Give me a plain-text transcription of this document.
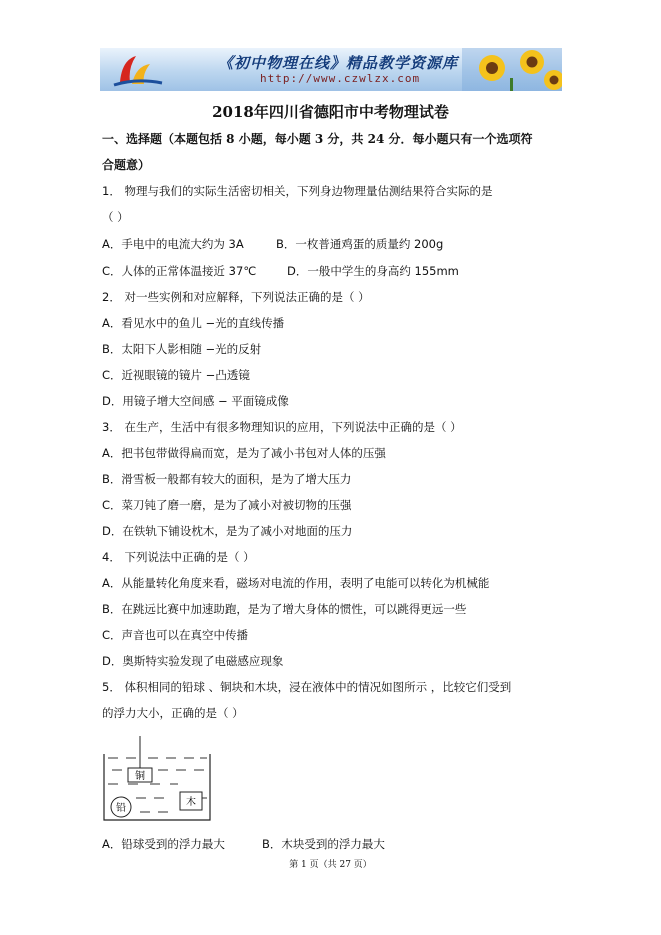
《初中物理在线》精品教学资源库
http://www.czwlzx.com
2018年四川省德阳市中考物理试卷
一、选择题（本题包括 8 小题，每小题 3 分，共 24 分．每小题只有一个选项符
合题意）
1． 物理与我们的实际生活密切相关，下列身边物理量估测结果符合实际的是
（ ）
A．手电中的电流大约为 3A	B．一枚普通鸡蛋的质量约 200g
C．人体的正常体温接近 37℃	D．一般中学生的身高约 155mm
2． 对一些实例和对应解释，下列说法正确的是（ ）
A．看见水中的鱼儿 −光的直线传播
B．太阳下人影相随 −光的反射
C．近视眼镜的镜片 −凸透镜
D．用镜子增大空间感 − 平面镜成像
3． 在生产，生活中有很多物理知识的应用，下列说法中正确的是（ ）
A．把书包带做得扁而宽，是为了减小书包对人体的压强
B．滑雪板一般都有较大的面积，是为了增大压力
C．菜刀钝了磨一磨，是为了减小对被切物的压强
D．在铁轨下铺设枕木，是为了减小对地面的压力
4． 下列说法中正确的是（ ）
A．从能量转化角度来看，磁场对电流的作用，表明了电能可以转化为机械能
B．在跳远比赛中加速助跑，是为了增大身体的惯性，可以跳得更远一些
C．声音也可以在真空中传播
D．奥斯特实验发现了电磁感应现象
5． 体积相同的铅球 、铜块和木块，浸在液体中的情况如图所示 ，比较它们受到
的浮力大小，正确的是（ ）
铜
木
铅
A．铅球受到的浮力最大	B．木块受到的浮力最大
第 1 页（共 27 页）
